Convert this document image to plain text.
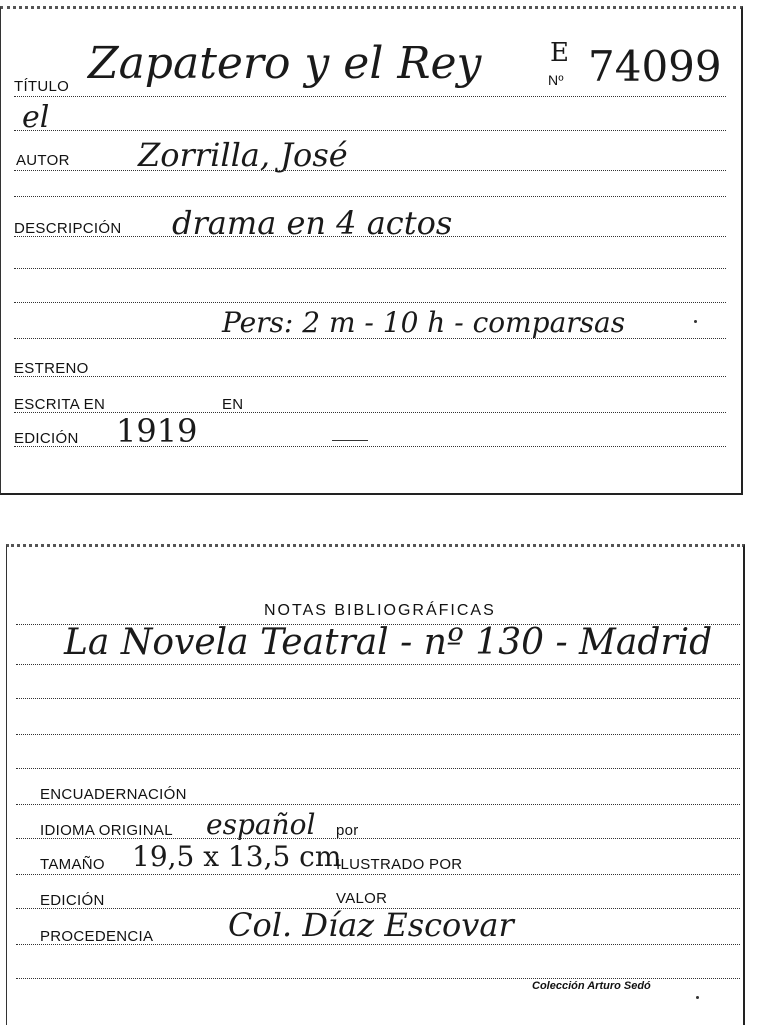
TÍTULO Zapatero y el Rey	E
Nº 74099
el
AUTOR Zorrilla, José
DESCRIPCIÓN drama en 4 actos
Pers: 2 m - 10 h - comparsas
ESTRENO
ESCRITA EN	EN
EDICIÓN 1919
NOTAS BIBLIOGRÁFICAS
La Novela Teatral - nº 130 - Madrid
ENCUADERNACIÓN
IDIOMA ORIGINAL español por
TAMAÑO 19,5 x 13,5 cm
ILUSTRADO POR
EDICIÓN	VALOR
PROCEDENCIA Col. Díaz Escovar
Colección Arturo Sedó
